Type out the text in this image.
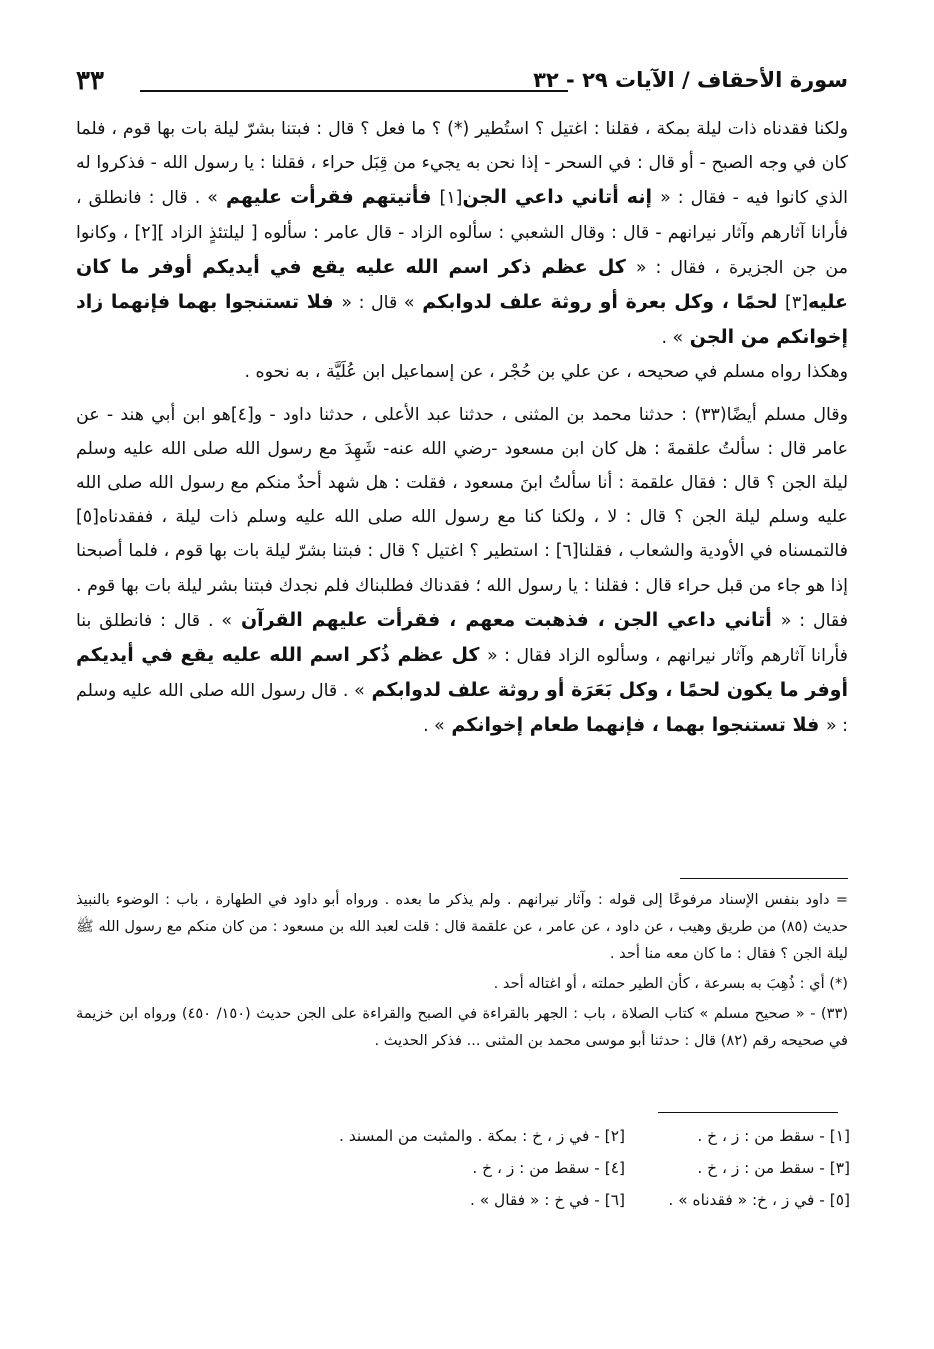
٣٣	سورة الأحقاف / الآيات ٢٩ - ٣٢

ولكنا فقدناه ذات ليلة بمكة ، فقلنا : اغتيل ؟ استُطير (*) ؟ ما فعل ؟ قال : فبتنا بشرّ ليلة بات بها قوم ، فلما كان في وجه الصبح - أو قال : في السحر - إذا نحن به يجيء من قِبَل حراء ، فقلنا : يا رسول الله - فذكروا له الذي كانوا فيه - فقال : « إنه أتاني داعي الجن[١] فأتيتهم فقرأت عليهم » . قال : فانطلق ، فأرانا آثارهم وآثار نيرانهم - قال : وقال الشعبي : سألوه الزاد - قال عامر : سألوه [ ليلتئذٍ الزاد ][٢] ، وكانوا من جن الجزيرة ، فقال : « كل عظم ذكر اسم الله عليه يقع في أيديكم أوفر ما كان عليه[٣] لحمًا ، وكل بعرة أو روثة علف لدوابكم » قال : « فلا تستنجوا بهما فإنهما زاد إخوانكم من الجن » .

وهكذا رواه مسلم في صحيحه ، عن علي بن حُجْر ، عن إسماعيل ابن عُلَيَّة ، به نحوه .

وقال مسلم أيضًا(٣٣) : حدثنا محمد بن المثنى ، حدثنا عبد الأعلى ، حدثنا داود - و[٤]هو ابن أبي هند - عن عامر قال : سألتُ علقمةَ : هل كان ابن مسعود -رضي الله عنه- شَهِدَ مع رسول الله صلى الله عليه وسلم ليلة الجن ؟ قال : فقال علقمة : أنا سألتُ ابنَ مسعود ، فقلت : هل شهد أحدٌ منكم مع رسول الله صلى الله عليه وسلم ليلة الجن ؟ قال : لا ، ولكنا كنا مع رسول الله صلى الله عليه وسلم ذات ليلة ، ففقدناه[٥] فالتمسناه في الأودية والشعاب ، فقلنا[٦] : استطير ؟ اغتيل ؟ قال : فبتنا بشرّ ليلة بات بها قوم ، فلما أصبحنا إذا هو جاء من قبل حراء قال : فقلنا : يا رسول الله ؛ فقدناك فطلبناك فلم نجدك فبتنا بشر ليلة بات بها قوم . فقال : « أتاني داعي الجن ، فذهبت معهم ، فقرأت عليهم القرآن » . قال : فانطلق بنا فأرانا آثارهم وآثار نيرانهم ، وسألوه الزاد فقال : « كل عظم ذُكر اسم الله عليه يقع في أيديكم أوفر ما يكون لحمًا ، وكل بَعَرَة أو روثة علف لدوابكم » . قال رسول الله صلى الله عليه وسلم : « فلا تستنجوا بهما ، فإنهما طعام إخوانكم » .

= داود بنفس الإسناد مرفوعًا إلى قوله : وآثار نيرانهم . ولم يذكر ما بعده . ورواه أبو داود في الطهارة ، باب : الوضوء بالنبيذ حديث (٨٥) من طريق وهيب ، عن داود ، عن عامر ، عن علقمة قال : قلت لعبد الله بن مسعود : من كان منكم مع رسول الله ﷺ ليلة الجن ؟ فقال : ما كان معه منا أحد .

(*) أي : ذُهِبَ به بسرعة ، كأن الطير حملته ، أو اغتاله أحد .

(٣٣) - « صحيح مسلم » كتاب الصلاة ، باب : الجهر بالقراءة في الصبح والقراءة على الجن حديث (١٥٠/ ٤٥٠) ورواه ابن خزيمة في صحيحه رقم (٨٢) قال : حدثنا أبو موسى محمد بن المثنى ... فذكر الحديث .

[١] - سقط من : ز ، خ .
[٢] - في ز ، خ : بمكة . والمثبت من المسند .
[٣] - سقط من : ز ، خ .
[٤] - سقط من : ز ، خ .
[٥] - في ز ، خ: « فقدناه » .
[٦] - في خ : « فقال » .
